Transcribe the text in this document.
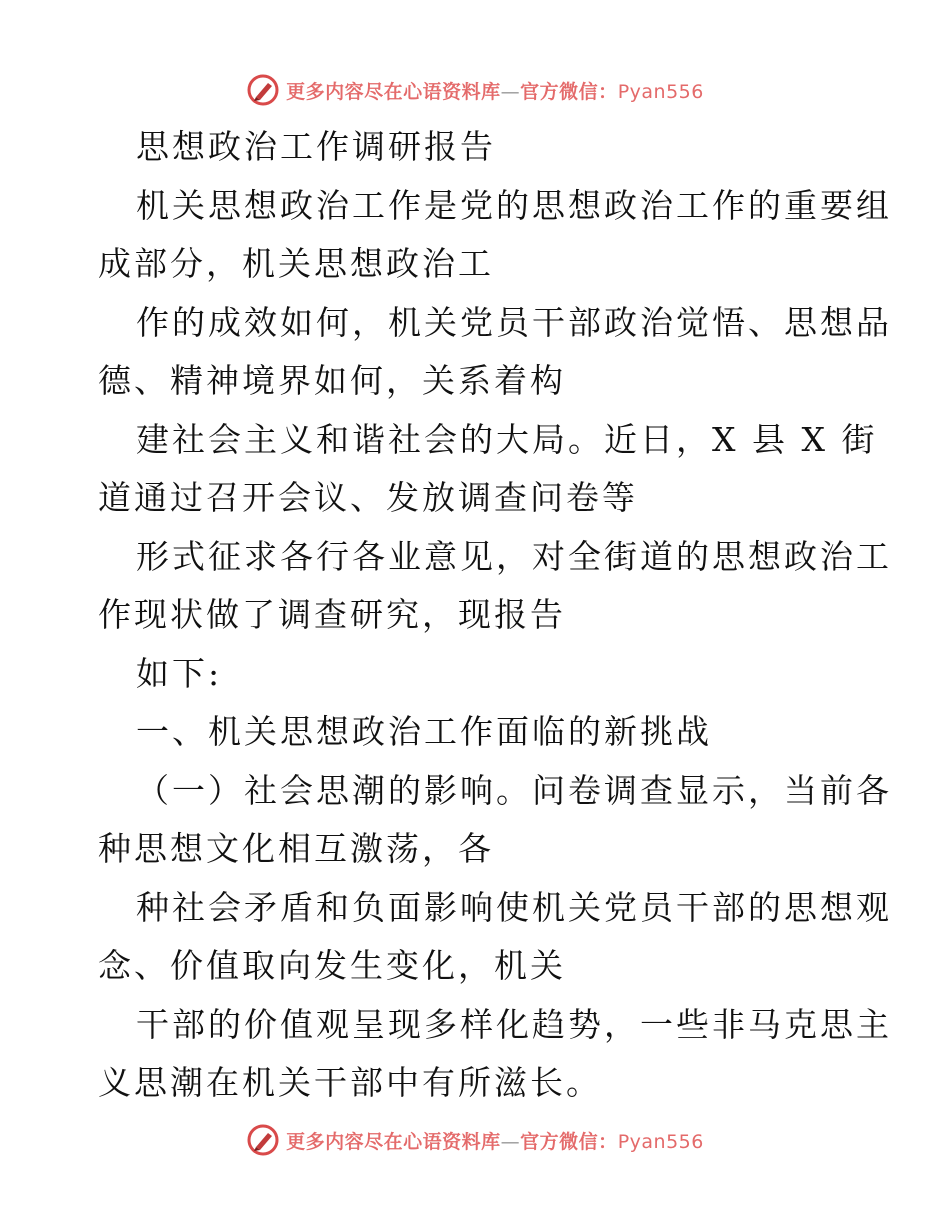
更多内容尽在心语资料库—官方微信：Pyan556
思想政治工作调研报告
机关思想政治工作是党的思想政治工作的重要组
成部分，机关思想政治工
作的成效如何，机关党员干部政治觉悟、思想品
德、精神境界如何，关系着构
建社会主义和谐社会的大局。近日，X 县 X 街
道通过召开会议、发放调查问卷等
形式征求各行各业意见，对全街道的思想政治工
作现状做了调查研究，现报告
如下:
一、机关思想政治工作面临的新挑战
（一）社会思潮的影响。问卷调查显示，当前各
种思想文化相互激荡，各
种社会矛盾和负面影响使机关党员干部的思想观
念、价值取向发生变化，机关
干部的价值观呈现多样化趋势，一些非马克思主
义思潮在机关干部中有所滋长。
更多内容尽在心语资料库—官方微信：Pyan556
